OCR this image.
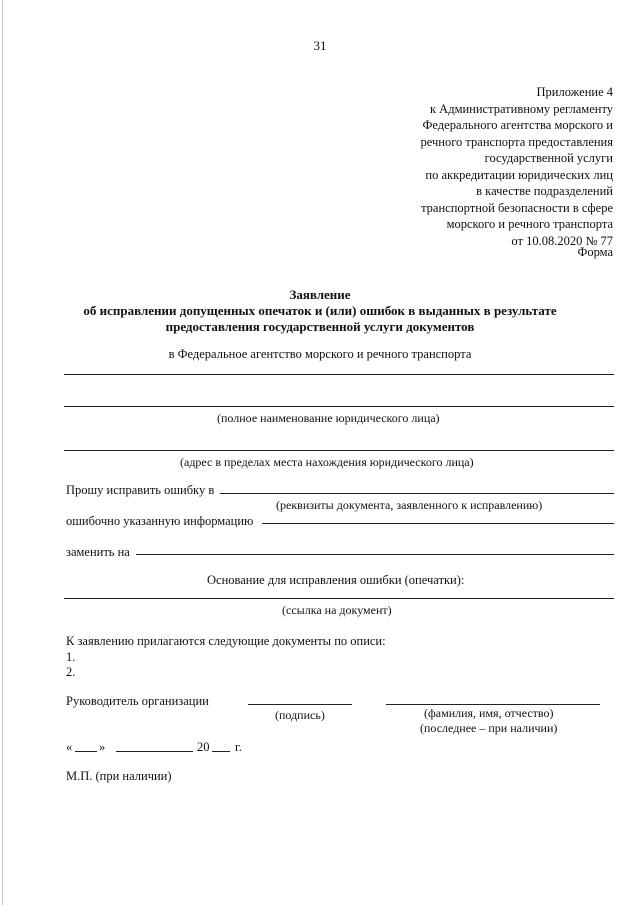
31
Приложение 4
к Административному регламенту
Федерального агентства морского и
речного транспорта предоставления
государственной услуги
по аккредитации юридических лиц
в качестве подразделений
транспортной безопасности в сфере
морского и речного транспорта
от 10.08.2020 № 77
Форма
Заявление
об исправлении допущенных опечаток и (или) ошибок в выданных в результате
предоставления государственной услуги документов
в Федеральное агентство морского и речного транспорта
(полное наименование юридического лица)
(адрес в пределах места нахождения юридического лица)
Прошу исправить ошибку в
(реквизиты документа, заявленного к исправлению)
ошибочно указанную информацию
заменить на
Основание для исправления ошибки (опечатки):
(ссылка на документ)
К заявлению прилагаются следующие документы по описи:
1.
2.
Руководитель организации
(подпись)	(фамилия, имя, отчество)
(последнее – при наличии)
« »	20 г.
М.П. (при наличии)
